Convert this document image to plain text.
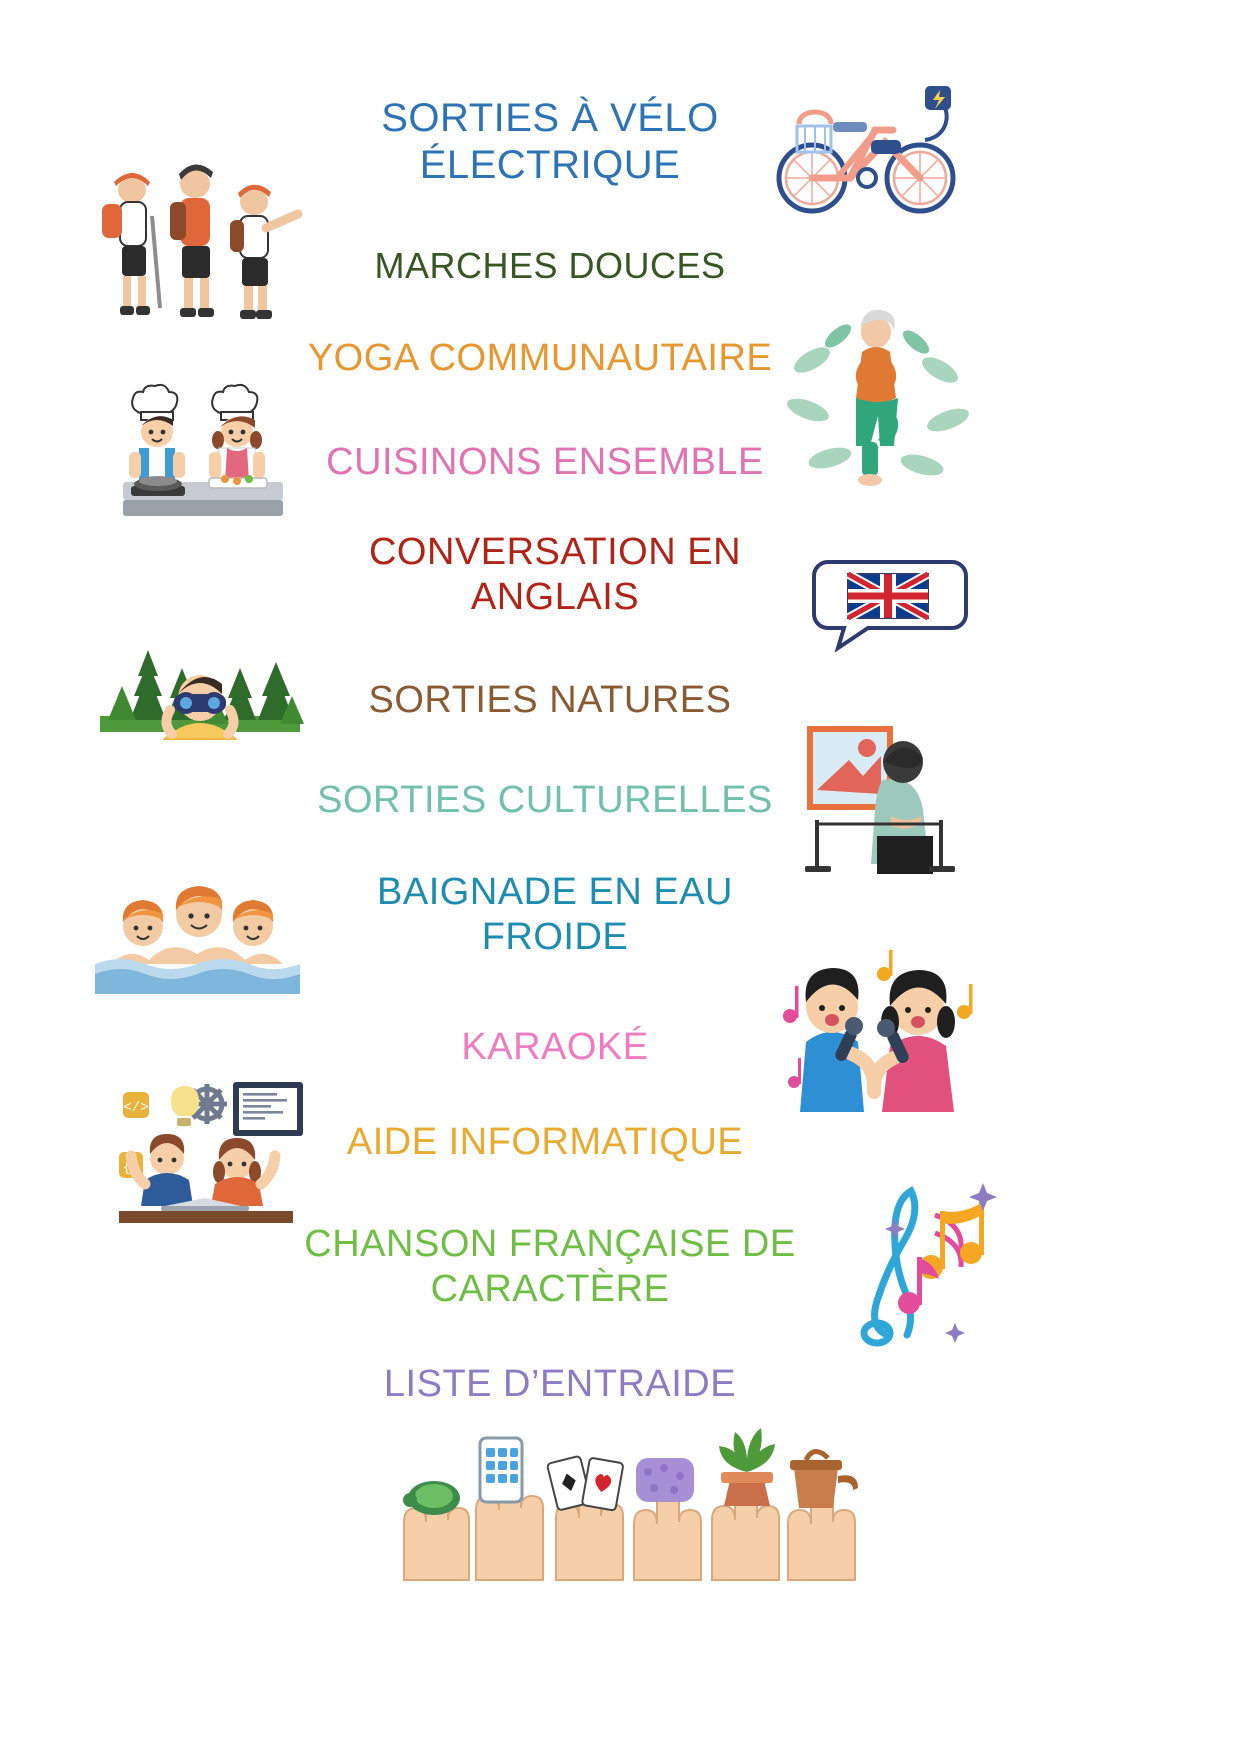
SORTIES À VÉLO ÉLECTRIQUE
MARCHES DOUCES
YOGA COMMUNAUTAIRE
CUISINONS ENSEMBLE
CONVERSATION EN ANGLAIS
SORTIES NATURES
SORTIES CULTURELLES
BAIGNADE EN EAU FROIDE
KARAOKÉ
AIDE INFORMATIQUE
</>
{}
CHANSON FRANÇAISE DE CARACTÈRE
LISTE D’ENTRAIDE
